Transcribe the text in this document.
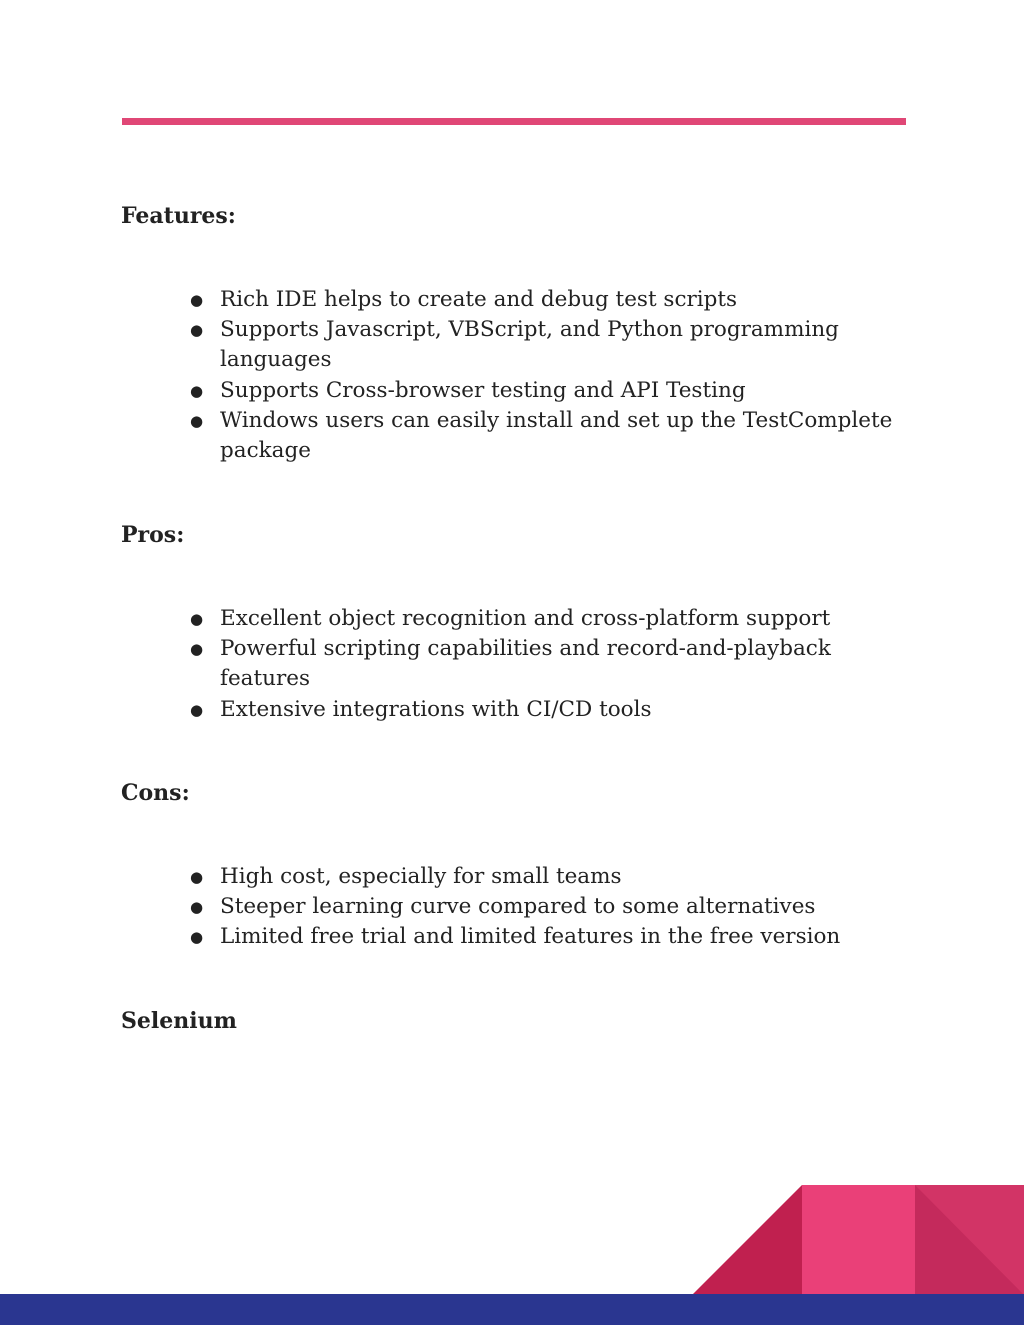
Features:
● Rich IDE helps to create and debug test scripts
● Supports Javascript, VBScript, and Python programming languages
● Supports Cross-browser testing and API Testing
● Windows users can easily install and set up the TestComplete package
Pros:
● Excellent object recognition and cross-platform support
● Powerful scripting capabilities and record-and-playback features
● Extensive integrations with CI/CD tools
Cons:
● High cost, especially for small teams
● Steeper learning curve compared to some alternatives
● Limited free trial and limited features in the free version
Selenium
